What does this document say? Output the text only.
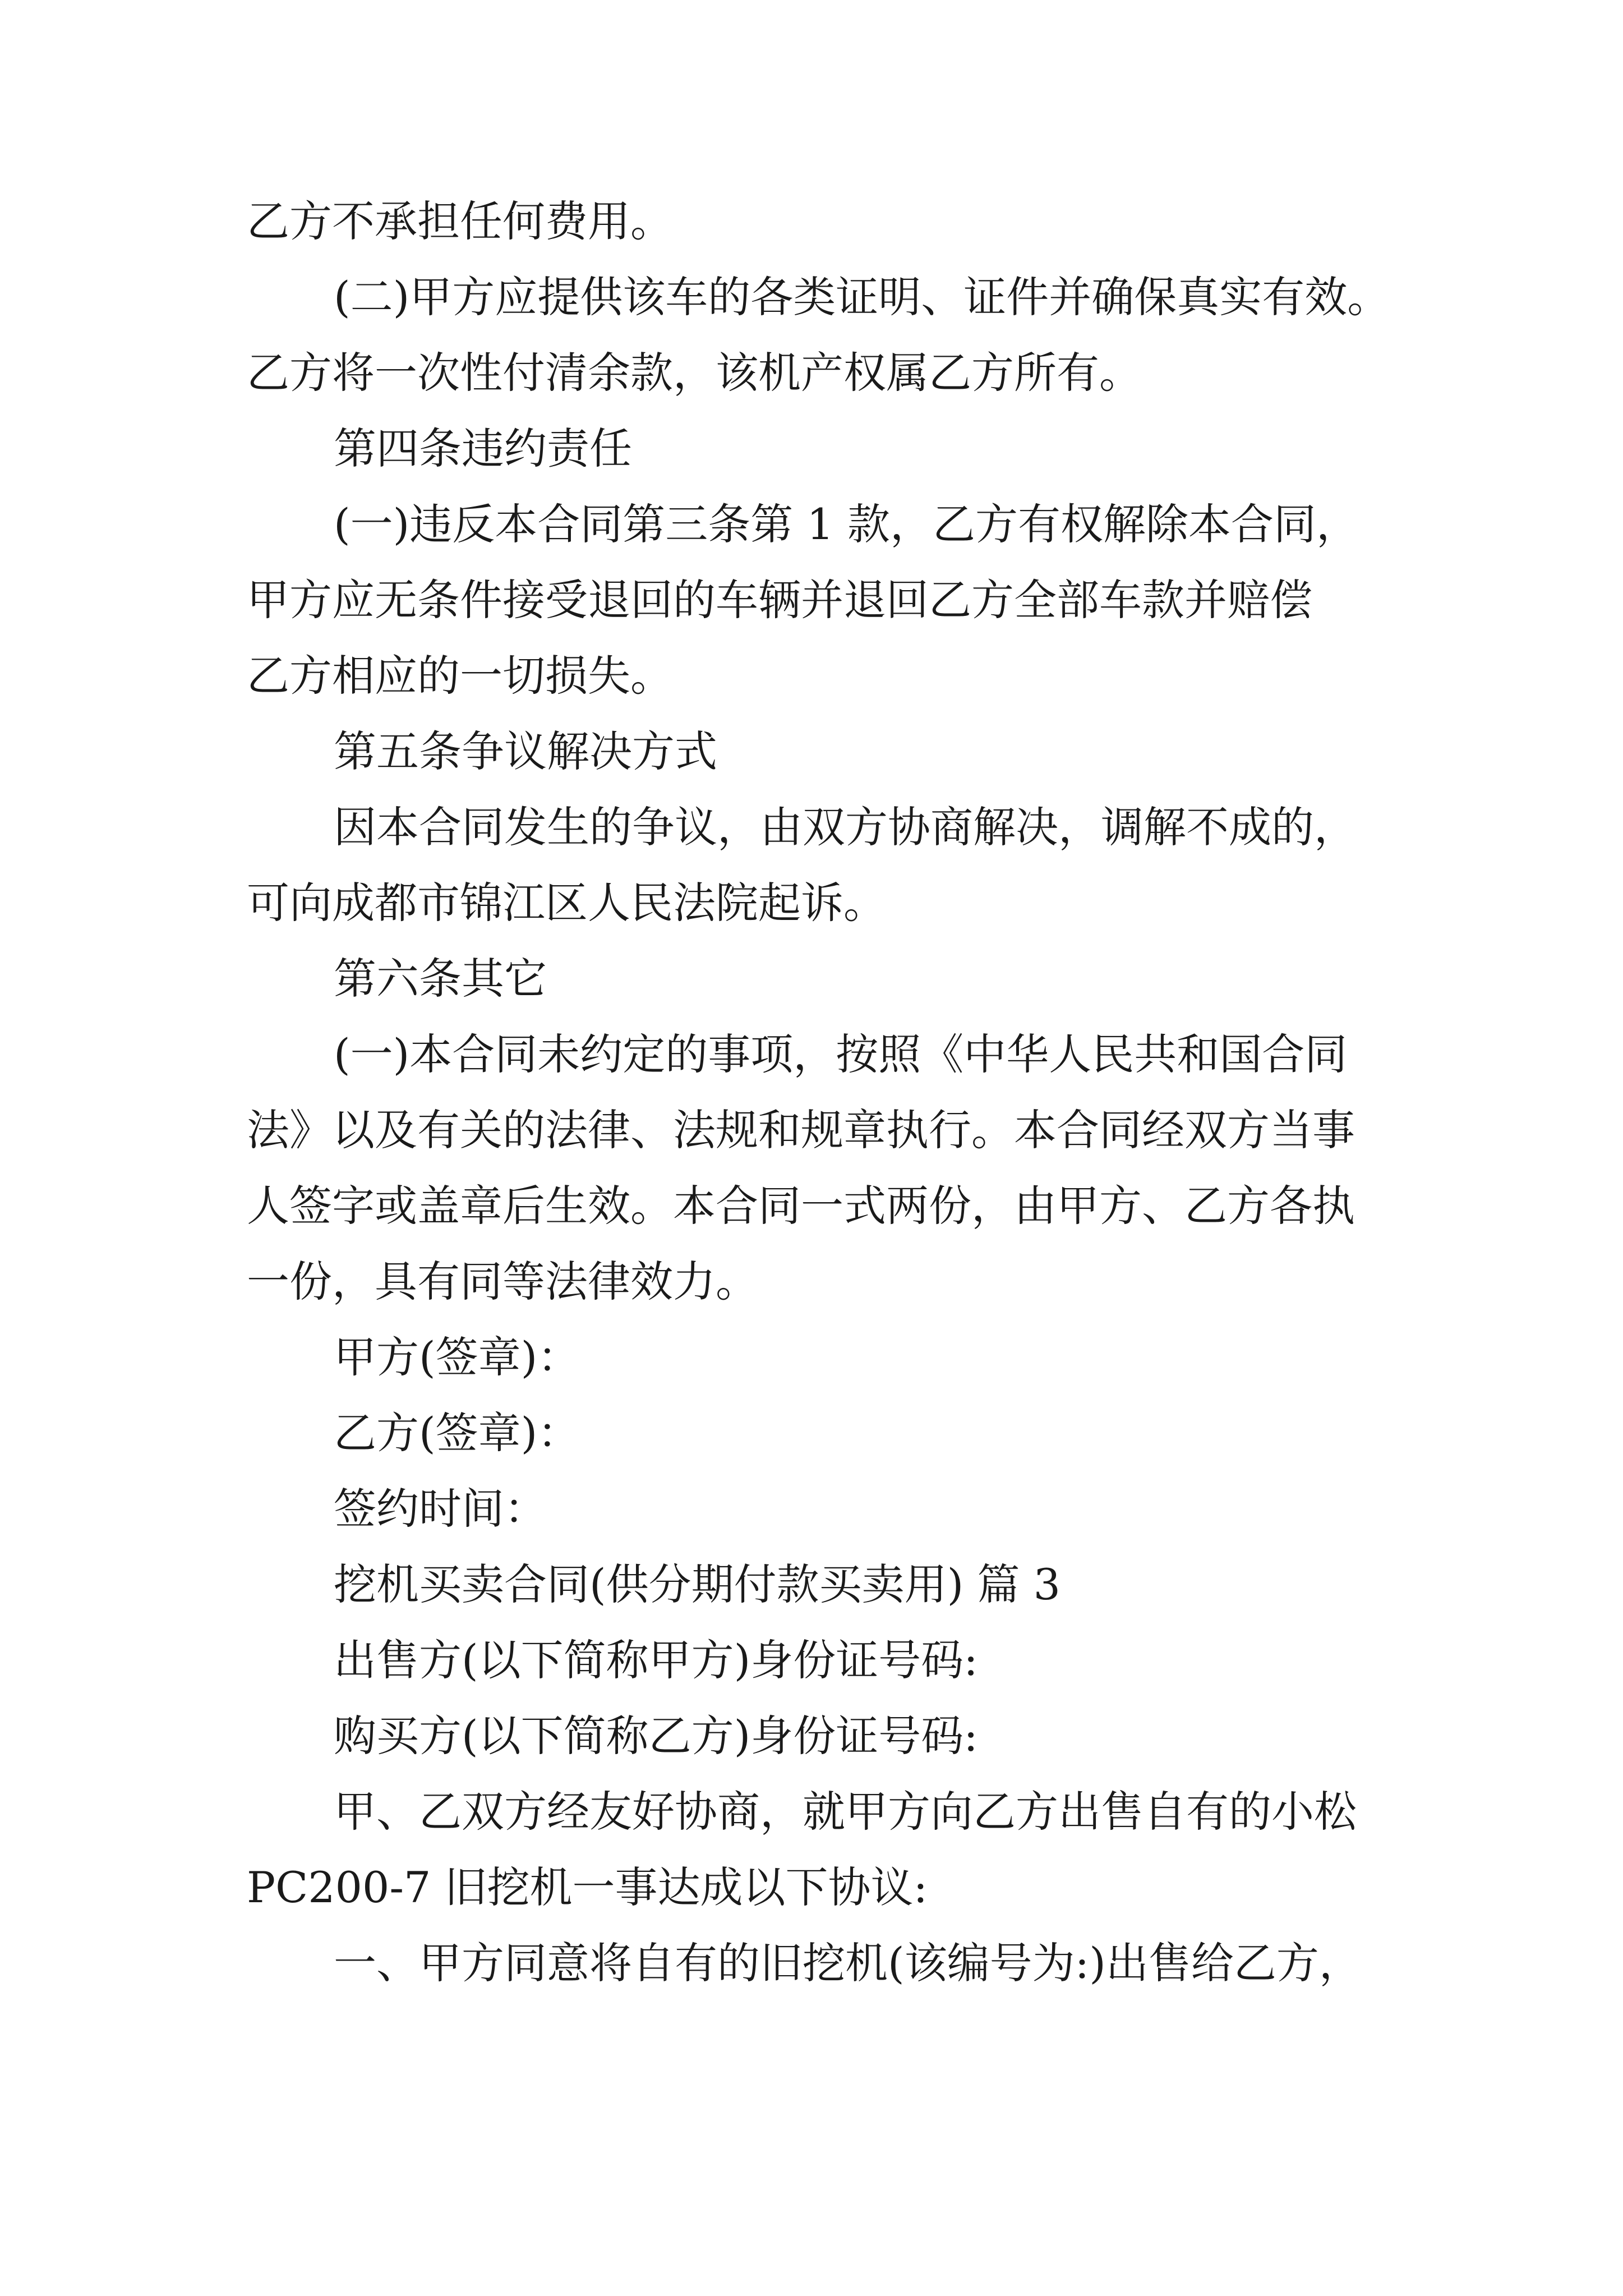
乙方不承担任何费用。

(二)甲方应提供该车的各类证明、证件并确保真实有效。

乙方将一次性付清余款，该机产权属乙方所有。

第四条违约责任

(一)违反本合同第三条第 1 款，乙方有权解除本合同，

甲方应无条件接受退回的车辆并退回乙方全部车款并赔偿

乙方相应的一切损失。

第五条争议解决方式

因本合同发生的争议，由双方协商解决，调解不成的，

可向成都市锦江区人民法院起诉。

第六条其它

(一)本合同未约定的事项，按照《中华人民共和国合同

法》以及有关的法律、法规和规章执行。本合同经双方当事

人签字或盖章后生效。本合同一式两份，由甲方、乙方各执

一份，具有同等法律效力。

甲方(签章)：

乙方(签章)：

签约时间：

挖机买卖合同(供分期付款买卖用) 篇 3

出售方(以下简称甲方)身份证号码:

购买方(以下简称乙方)身份证号码:

甲、乙双方经友好协商，就甲方向乙方出售自有的小松

PC200-7 旧挖机一事达成以下协议:

一、甲方同意将自有的旧挖机(该编号为:)出售给乙方，
